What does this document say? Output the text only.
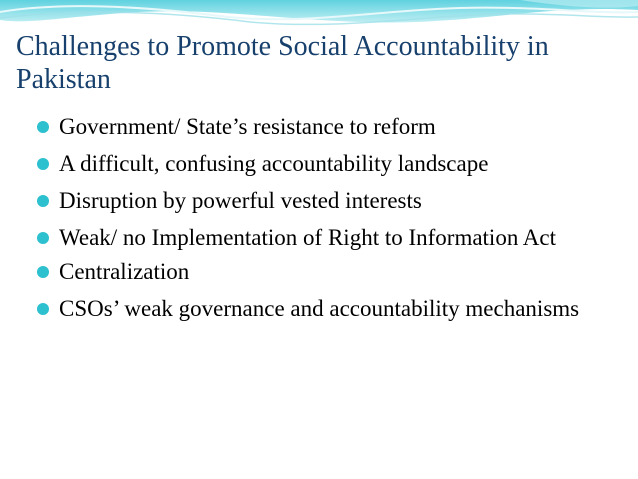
Challenges to Promote Social Accountability in Pakistan
Government/ State’s resistance to reform
A difficult, confusing accountability landscape
Disruption by powerful vested interests
Weak/ no Implementation of Right to Information Act
Centralization
CSOs’ weak governance and accountability mechanisms
